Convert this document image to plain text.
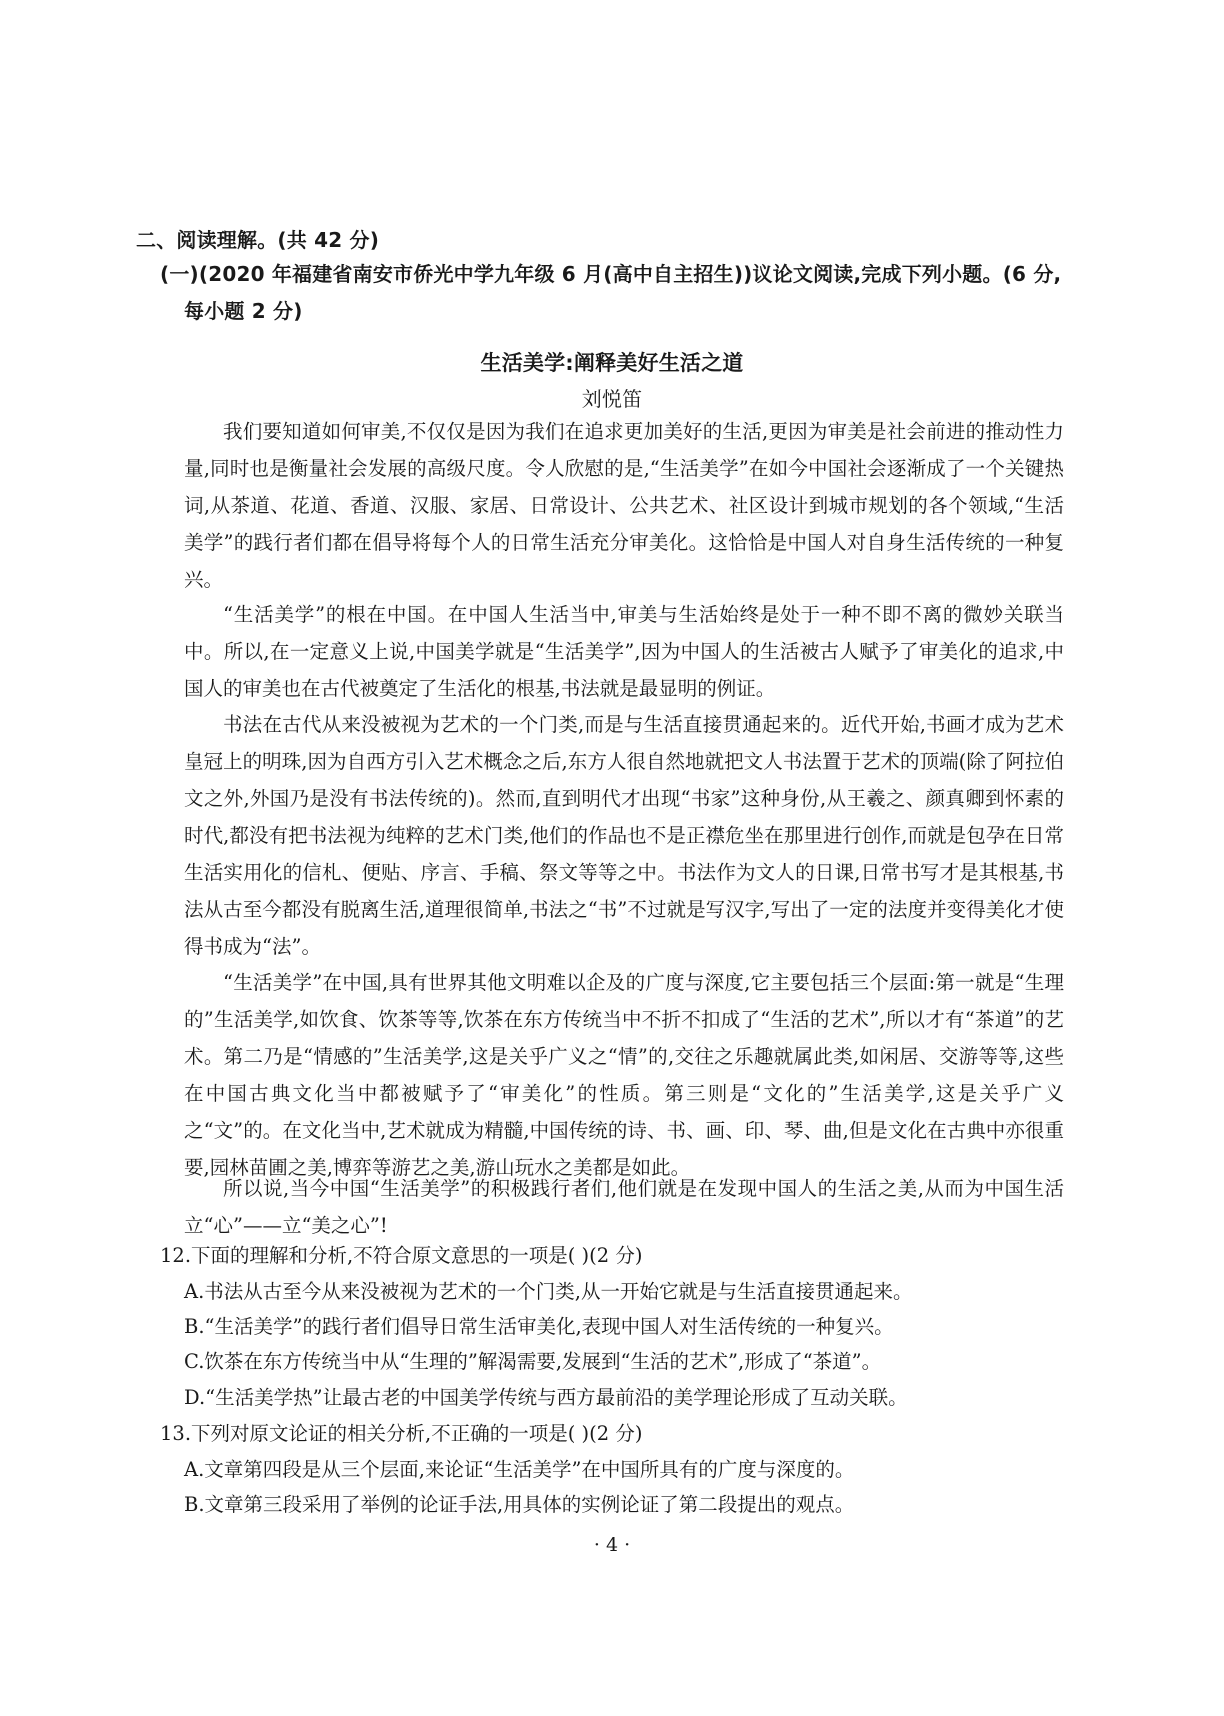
二、阅读理解。(共 42 分)
(一)(2020 年福建省南安市侨光中学九年级 6 月(高中自主招生))议论文阅读,完成下列小题。(6 分,
每小题 2 分)
生活美学:阐释美好生活之道
刘悦笛

我们要知道如何审美,不仅仅是因为我们在追求更加美好的生活,更因为审美是社会前进的推动性力量,同时也是衡量社会发展的高级尺度。令人欣慰的是,“生活美学”在如今中国社会逐渐成了一个关键热词,从茶道、花道、香道、汉服、家居、日常设计、公共艺术、社区设计到城市规划的各个领域,“生活美学”的践行者们都在倡导将每个人的日常生活充分审美化。这恰恰是中国人对自身生活传统的一种复兴。

“生活美学”的根在中国。在中国人生活当中,审美与生活始终是处于一种不即不离的微妙关联当中。所以,在一定意义上说,中国美学就是“生活美学”,因为中国人的生活被古人赋予了审美化的追求,中国人的审美也在古代被奠定了生活化的根基,书法就是最显明的例证。

书法在古代从来没被视为艺术的一个门类,而是与生活直接贯通起来的。近代开始,书画才成为艺术皇冠上的明珠,因为自西方引入艺术概念之后,东方人很自然地就把文人书法置于艺术的顶端(除了阿拉伯文之外,外国乃是没有书法传统的)。然而,直到明代才出现“书家”这种身份,从王羲之、颜真卿到怀素的时代,都没有把书法视为纯粹的艺术门类,他们的作品也不是正襟危坐在那里进行创作,而就是包孕在日常生活实用化的信札、便贴、序言、手稿、祭文等等之中。书法作为文人的日课,日常书写才是其根基,书法从古至今都没有脱离生活,道理很简单,书法之“书”不过就是写汉字,写出了一定的法度并变得美化才使得书成为“法”。

“生活美学”在中国,具有世界其他文明难以企及的广度与深度,它主要包括三个层面:第一就是“生理的”生活美学,如饮食、饮茶等等,饮茶在东方传统当中不折不扣成了“生活的艺术”,所以才有“茶道”的艺术。第二乃是“情感的”生活美学,这是关乎广义之“情”的,交往之乐趣就属此类,如闲居、交游等等,这些在中国古典文化当中都被赋予了“审美化”的性质。第三则是“文化的”生活美学,这是关乎广义之“文”的。在文化当中,艺术就成为精髓,中国传统的诗、书、画、印、琴、曲,但是文化在古典中亦很重要,园林苗圃之美,博弈等游艺之美,游山玩水之美都是如此。

所以说,当今中国“生活美学”的积极践行者们,他们就是在发现中国人的生活之美,从而为中国生活立“心”——立“美之心”!

12.下面的理解和分析,不符合原文意思的一项是( )(2 分)
A.书法从古至今从来没被视为艺术的一个门类,从一开始它就是与生活直接贯通起来。
B.“生活美学”的践行者们倡导日常生活审美化,表现中国人对生活传统的一种复兴。
C.饮茶在东方传统当中从“生理的”解渴需要,发展到“生活的艺术”,形成了“茶道”。
D.“生活美学热”让最古老的中国美学传统与西方最前沿的美学理论形成了互动关联。
13.下列对原文论证的相关分析,不正确的一项是( )(2 分)
A.文章第四段是从三个层面,来论证“生活美学”在中国所具有的广度与深度的。
B.文章第三段采用了举例的论证手法,用具体的实例论证了第二段提出的观点。
· 4 ·
